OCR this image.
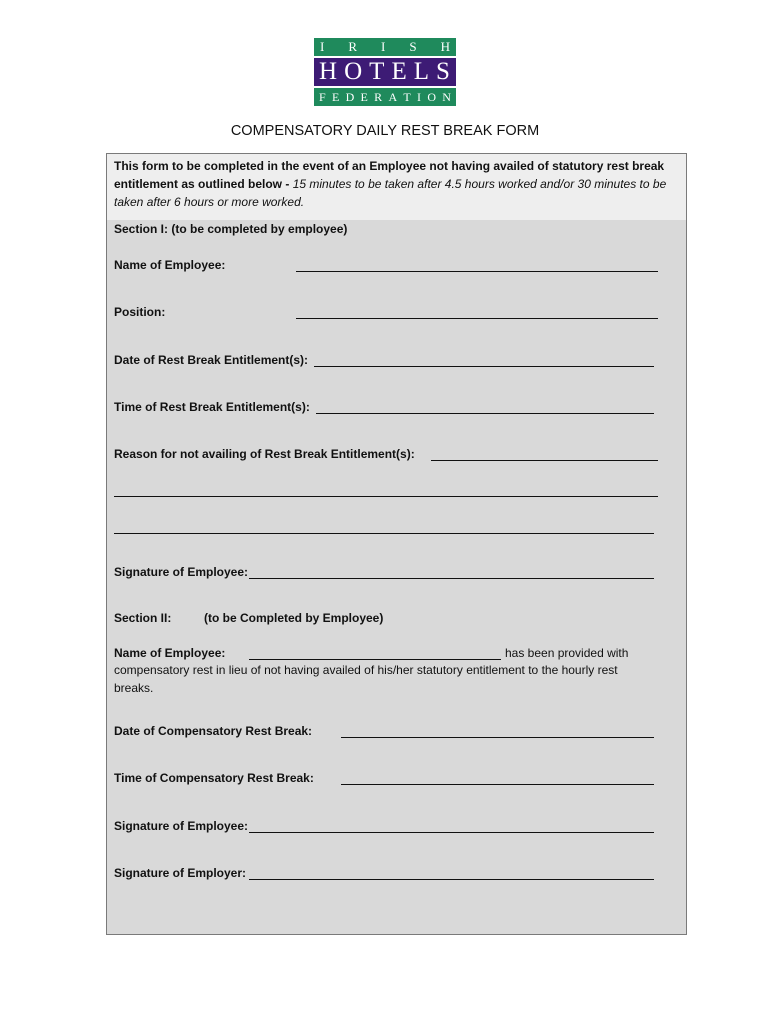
I R I S H
H O T E L S
F E D E R A T I O N
COMPENSATORY DAILY REST BREAK FORM
This form to be completed in the event of an Employee not having availed of statutory rest break entitlement as outlined below - 15 minutes to be taken after 4.5 hours worked and/or 30 minutes to be taken after 6 hours or more worked.
Section I: (to be completed by employee)
Name of Employee:
Position:
Date of Rest Break Entitlement(s):
Time of Rest Break Entitlement(s):
Reason for not availing of Rest Break Entitlement(s):
Signature of Employee:
Section II:	(to be Completed by Employee)
Name of Employee:	has been provided with
compensatory rest in lieu of not having availed of his/her statutory entitlement to the hourly rest breaks.
Date of Compensatory Rest Break:
Time of Compensatory Rest Break:
Signature of Employee:
Signature of Employer:
